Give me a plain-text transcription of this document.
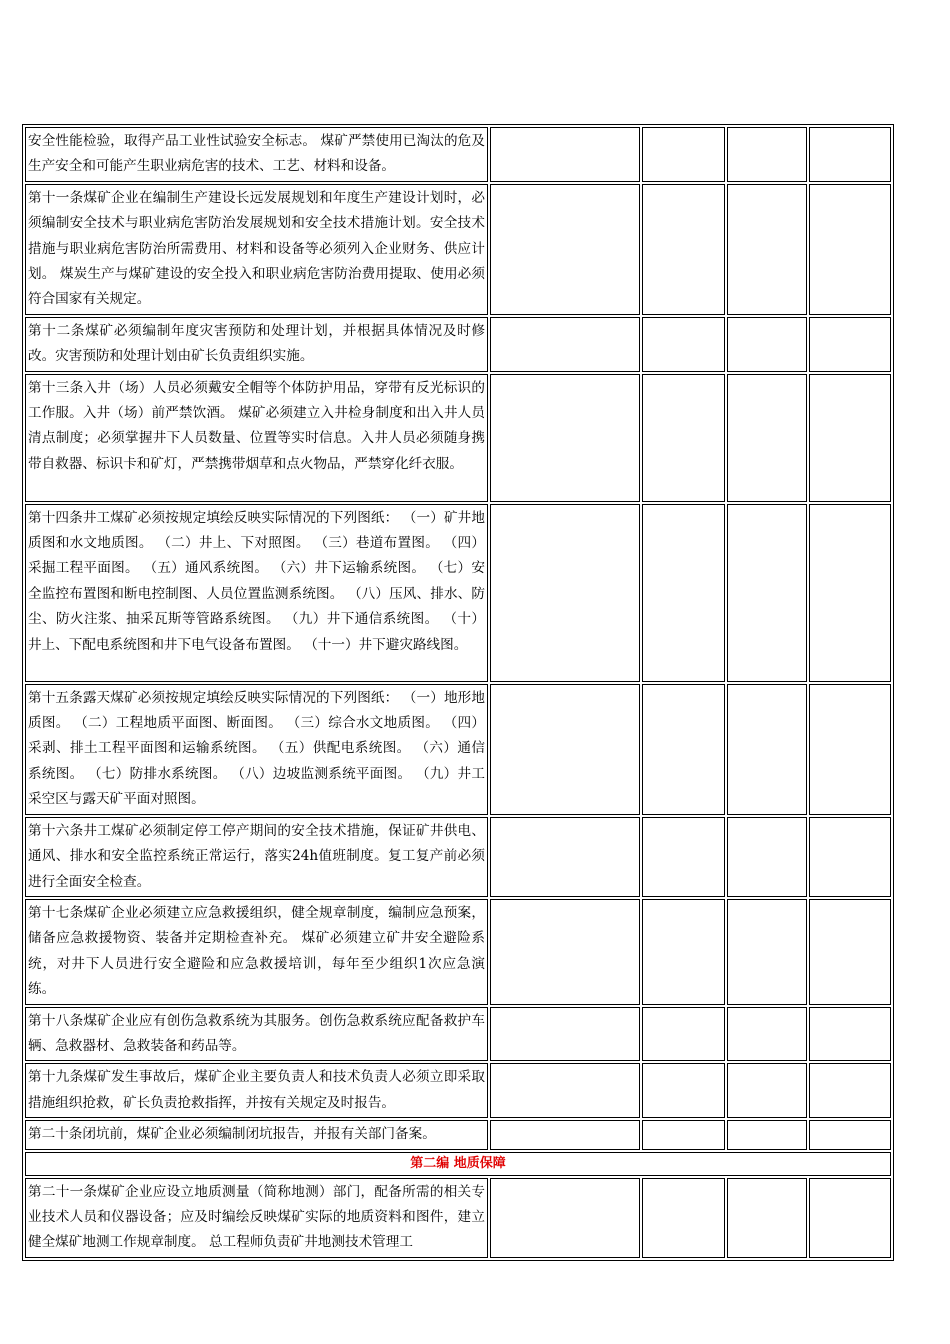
安全性能检验，取得产品工业性试验安全标志。 煤矿严禁使用已淘汰的危及生产安全和可能产生职业病危害的技术、工艺、材料和设备。				
第十一条煤矿企业在编制生产建设长远发展规划和年度生产建设计划时，必须编制安全技术与职业病危害防治发展规划和安全技术措施计划。安全技术措施与职业病危害防治所需费用、材料和设备等必须列入企业财务、供应计划。 煤炭生产与煤矿建设的安全投入和职业病危害防治费用提取、使用必须符合国家有关规定。				
第十二条煤矿必须编制年度灾害预防和处理计划，并根据具体情况及时修改。灾害预防和处理计划由矿长负责组织实施。				
第十三条入井（场）人员必须戴安全帽等个体防护用品，穿带有反光标识的工作服。入井（场）前严禁饮酒。 煤矿必须建立入井检身制度和出入井人员清点制度；必须掌握井下人员数量、位置等实时信息。入井人员必须随身携带自救器、标识卡和矿灯，严禁携带烟草和点火物品，严禁穿化纤衣服。				
第十四条井工煤矿必须按规定填绘反映实际情况的下列图纸： （一）矿井地质图和水文地质图。 （二）井上、下对照图。 （三）巷道布置图。 （四）采掘工程平面图。 （五）通风系统图。 （六）井下运输系统图。 （七）安全监控布置图和断电控制图、人员位置监测系统图。 （八）压风、排水、防尘、防火注浆、抽采瓦斯等管路系统图。 （九）井下通信系统图。 （十）井上、下配电系统图和井下电气设备布置图。 （十一）井下避灾路线图。				
第十五条露天煤矿必须按规定填绘反映实际情况的下列图纸： （一）地形地质图。 （二）工程地质平面图、断面图。 （三）综合水文地质图。 （四）采剥、排土工程平面图和运输系统图。 （五）供配电系统图。 （六）通信系统图。 （七）防排水系统图。 （八）边坡监测系统平面图。 （九）井工采空区与露天矿平面对照图。				
第十六条井工煤矿必须制定停工停产期间的安全技术措施，保证矿井供电、通风、排水和安全监控系统正常运行，落实24h值班制度。复工复产前必须进行全面安全检查。				
第十七条煤矿企业必须建立应急救援组织，健全规章制度，编制应急预案，储备应急救援物资、装备并定期检查补充。 煤矿必须建立矿井安全避险系统，对井下人员进行安全避险和应急救援培训，每年至少组织1次应急演练。				
第十八条煤矿企业应有创伤急救系统为其服务。创伤急救系统应配备救护车辆、急救器材、急救装备和药品等。				
第十九条煤矿发生事故后，煤矿企业主要负责人和技术负责人必须立即采取措施组织抢救，矿长负责抢救指挥，并按有关规定及时报告。				
第二十条闭坑前，煤矿企业必须编制闭坑报告，并报有关部门备案。				
第二编 地质保障				
第二十一条煤矿企业应设立地质测量（简称地测）部门，配备所需的相关专业技术人员和仪器设备；应及时编绘反映煤矿实际的地质资料和图件，建立健全煤矿地测工作规章制度。 总工程师负责矿井地测技术管理工				
